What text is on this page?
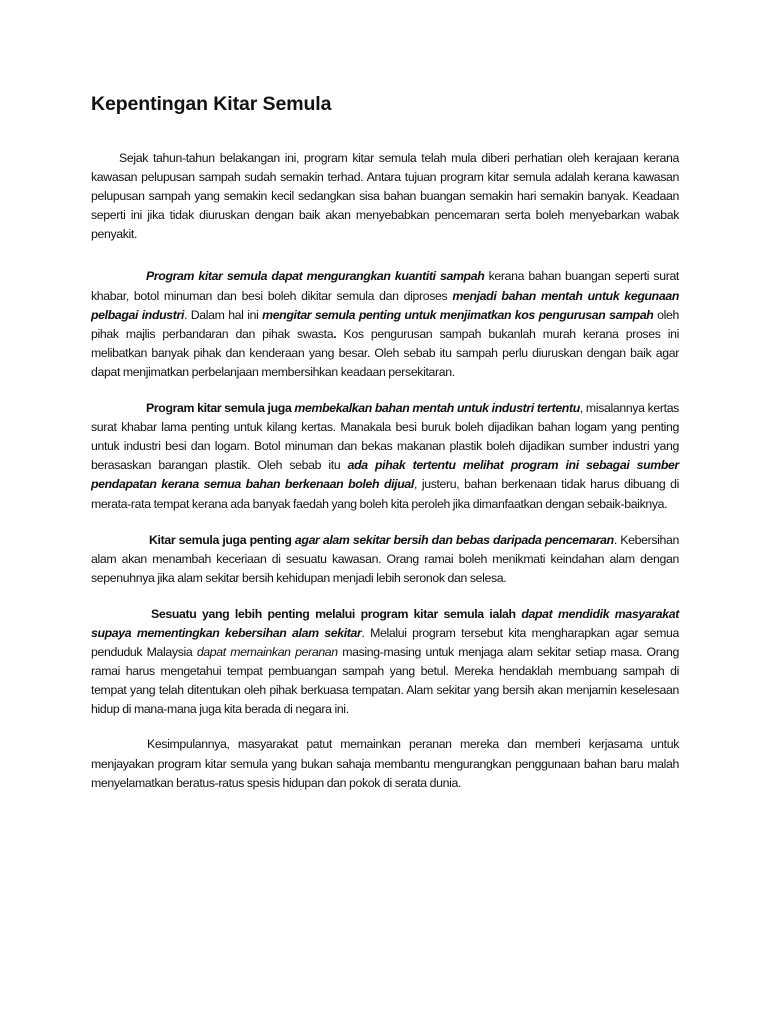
Kepentingan Kitar Semula

Sejak tahun-tahun belakangan ini, program kitar semula telah mula diberi perhatian oleh kerajaan kerana kawasan pelupusan sampah sudah semakin terhad. Antara tujuan program kitar semula adalah kerana kawasan pelupusan sampah yang semakin kecil sedangkan sisa bahan buangan semakin hari semakin banyak. Keadaan seperti ini jika tidak diuruskan dengan baik akan menyebabkan pencemaran serta boleh menyebarkan wabak penyakit.

Program kitar semula dapat mengurangkan kuantiti sampah kerana bahan buangan seperti surat khabar, botol minuman dan besi boleh dikitar semula dan diproses menjadi bahan mentah untuk kegunaan pelbagai industri. Dalam hal ini mengitar semula penting untuk menjimatkan kos pengurusan sampah oleh pihak majlis perbandaran dan pihak swasta. Kos pengurusan sampah bukanlah murah kerana proses ini melibatkan banyak pihak dan kenderaan yang besar. Oleh sebab itu sampah perlu diuruskan dengan baik agar dapat menjimatkan perbelanjaan membersihkan keadaan persekitaran.

Program kitar semula juga membekalkan bahan mentah untuk industri tertentu, misalannya kertas surat khabar lama penting untuk kilang kertas. Manakala besi buruk boleh dijadikan bahan logam yang penting untuk industri besi dan logam. Botol minuman dan bekas makanan plastik boleh dijadikan sumber industri yang berasaskan barangan plastik. Oleh sebab itu ada pihak tertentu melihat program ini sebagai sumber pendapatan kerana semua bahan berkenaan boleh dijual, justeru, bahan berkenaan tidak harus dibuang di merata-rata tempat kerana ada banyak faedah yang boleh kita peroleh jika dimanfaatkan dengan sebaik-baiknya.

Kitar semula juga penting agar alam sekitar bersih dan bebas daripada pencemaran. Kebersihan alam akan menambah keceriaan di sesuatu kawasan. Orang ramai boleh menikmati keindahan alam dengan sepenuhnya jika alam sekitar bersih kehidupan menjadi lebih seronok dan selesa.

Sesuatu yang lebih penting melalui program kitar semula ialah dapat mendidik masyarakat supaya mementingkan kebersihan alam sekitar. Melalui program tersebut kita mengharapkan agar semua penduduk Malaysia dapat memainkan peranan masing-masing untuk menjaga alam sekitar setiap masa. Orang ramai harus mengetahui tempat pembuangan sampah yang betul. Mereka hendaklah membuang sampah di tempat yang telah ditentukan oleh pihak berkuasa tempatan. Alam sekitar yang bersih akan menjamin keselesaan hidup di mana-mana juga kita berada di negara ini.

Kesimpulannya, masyarakat patut memainkan peranan mereka dan memberi kerjasama untuk menjayakan program kitar semula yang bukan sahaja membantu mengurangkan penggunaan bahan baru malah menyelamatkan beratus-ratus spesis hidupan dan pokok di serata dunia.
